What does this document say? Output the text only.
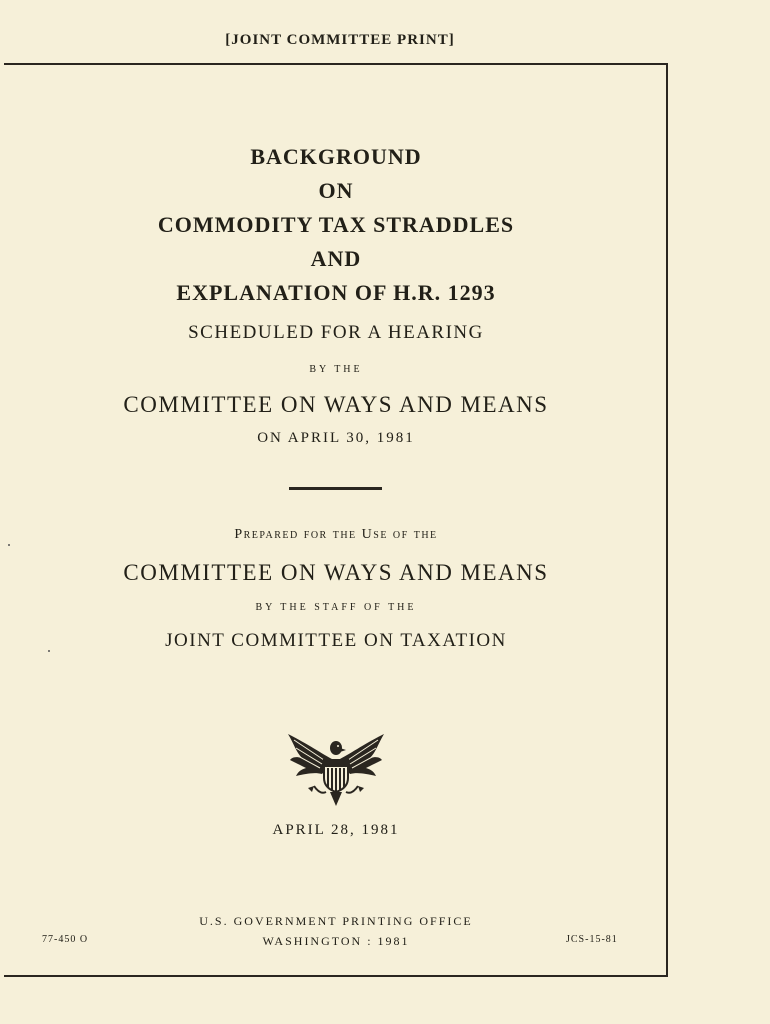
[JOINT COMMITTEE PRINT]
BACKGROUND
ON
COMMODITY TAX STRADDLES
AND
EXPLANATION OF H.R. 1293
SCHEDULED FOR A HEARING
BY THE
COMMITTEE ON WAYS AND MEANS
ON APRIL 30, 1981
Prepared for the Use of the
COMMITTEE ON WAYS AND MEANS
BY THE STAFF OF THE
JOINT COMMITTEE ON TAXATION
APRIL 28, 1981
U.S. GOVERNMENT PRINTING OFFICE
WASHINGTON : 1981
77-450 O	JCS-15-81
